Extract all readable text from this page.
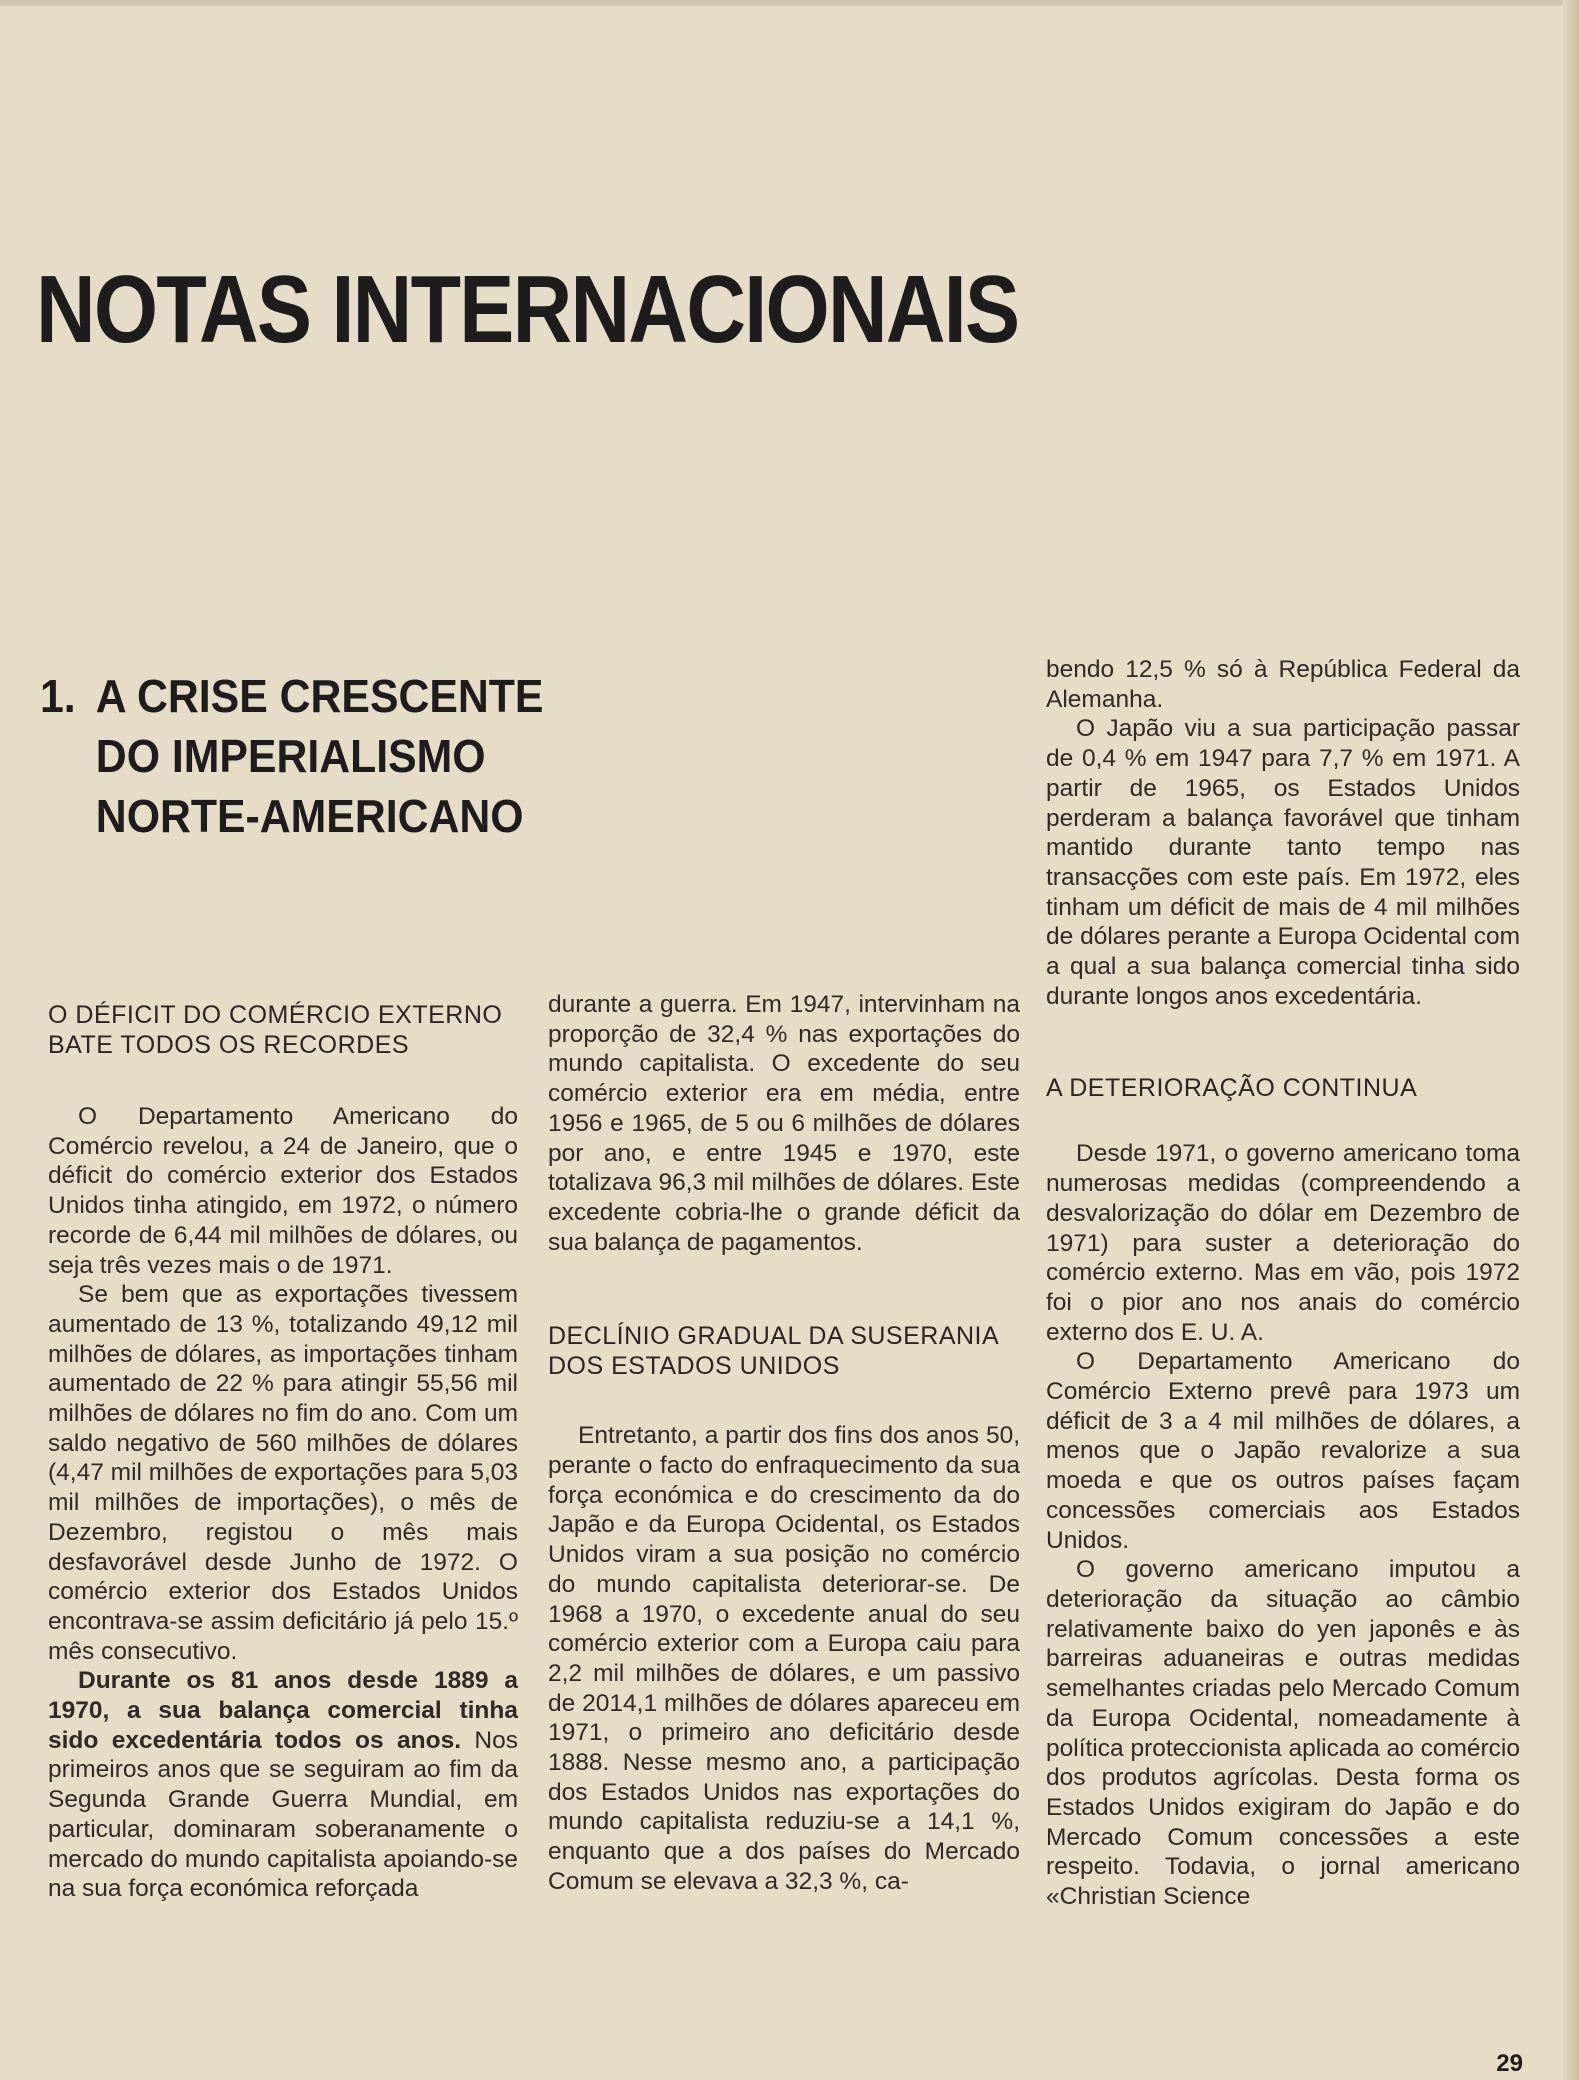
NOTAS INTERNACIONAIS
1. A CRISE CRESCENTE
DO IMPERIALISMO
NORTE-AMERICANO
O DÉFICIT DO COMÉRCIO EXTERNO BATE TODOS OS RECORDES

O Departamento Americano do Comércio revelou, a 24 de Janeiro, que o déficit do comércio exterior dos Estados Unidos tinha atingido, em 1972, o número recorde de 6,44 mil milhões de dólares, ou seja três vezes mais o de 1971.

Se bem que as exportações tivessem aumentado de 13 %, totalizando 49,12 mil milhões de dólares, as importações tinham aumentado de 22 % para atingir 55,56 mil milhões de dólares no fim do ano. Com um saldo negativo de 560 milhões de dólares (4,47 mil milhões de exportações para 5,03 mil milhões de importações), o mês de Dezembro, registou o mês mais desfavorável desde Junho de 1972. O comércio exterior dos Estados Unidos encontrava-se assim deficitário já pelo 15.º mês consecutivo.

Durante os 81 anos desde 1889 a 1970, a sua balança comercial tinha sido excedentária todos os anos. Nos primeiros anos que se seguiram ao fim da Segunda Grande Guerra Mundial, em particular, dominaram soberanamente o mercado do mundo capitalista apoiando-se na sua força económica reforçada

durante a guerra. Em 1947, intervinham na proporção de 32,4 % nas exportações do mundo capitalista. O excedente do seu comércio exterior era em média, entre 1956 e 1965, de 5 ou 6 milhões de dólares por ano, e entre 1945 e 1970, este totalizava 96,3 mil milhões de dólares. Este excedente cobria-lhe o grande déficit da sua balança de pagamentos.

DECLÍNIO GRADUAL DA SUSERANIA DOS ESTADOS UNIDOS

Entretanto, a partir dos fins dos anos 50, perante o facto do enfraquecimento da sua força económica e do crescimento da do Japão e da Europa Ocidental, os Estados Unidos viram a sua posição no comércio do mundo capitalista deteriorar-se. De 1968 a 1970, o excedente anual do seu comércio exterior com a Europa caiu para 2,2 mil milhões de dólares, e um passivo de 2014,1 milhões de dólares apareceu em 1971, o primeiro ano deficitário desde 1888. Nesse mesmo ano, a participação dos Estados Unidos nas exportações do mundo capitalista reduziu-se a 14,1 %, enquanto que a dos países do Mercado Comum se elevava a 32,3 %, ca-

bendo 12,5 % só à República Federal da Alemanha.

O Japão viu a sua participação passar de 0,4 % em 1947 para 7,7 % em 1971. A partir de 1965, os Estados Unidos perderam a balança favorável que tinham mantido durante tanto tempo nas transacções com este país. Em 1972, eles tinham um déficit de mais de 4 mil milhões de dólares perante a Europa Ocidental com a qual a sua balança comercial tinha sido durante longos anos excedentária.

A DETERIORAÇÃO CONTINUA

Desde 1971, o governo americano toma numerosas medidas (compreendendo a desvalorização do dólar em Dezembro de 1971) para suster a deterioração do comércio externo. Mas em vão, pois 1972 foi o pior ano nos anais do comércio externo dos E. U. A.

O Departamento Americano do Comércio Externo prevê para 1973 um déficit de 3 a 4 mil milhões de dólares, a menos que o Japão revalorize a sua moeda e que os outros países façam concessões comerciais aos Estados Unidos.

O governo americano imputou a deterioração da situação ao câmbio relativamente baixo do yen japonês e às barreiras aduaneiras e outras medidas semelhantes criadas pelo Mercado Comum da Europa Ocidental, nomeadamente à política proteccionista aplicada ao comércio dos produtos agrícolas. Desta forma os Estados Unidos exigiram do Japão e do Mercado Comum concessões a este respeito. Todavia, o jornal americano «Christian Science

29
